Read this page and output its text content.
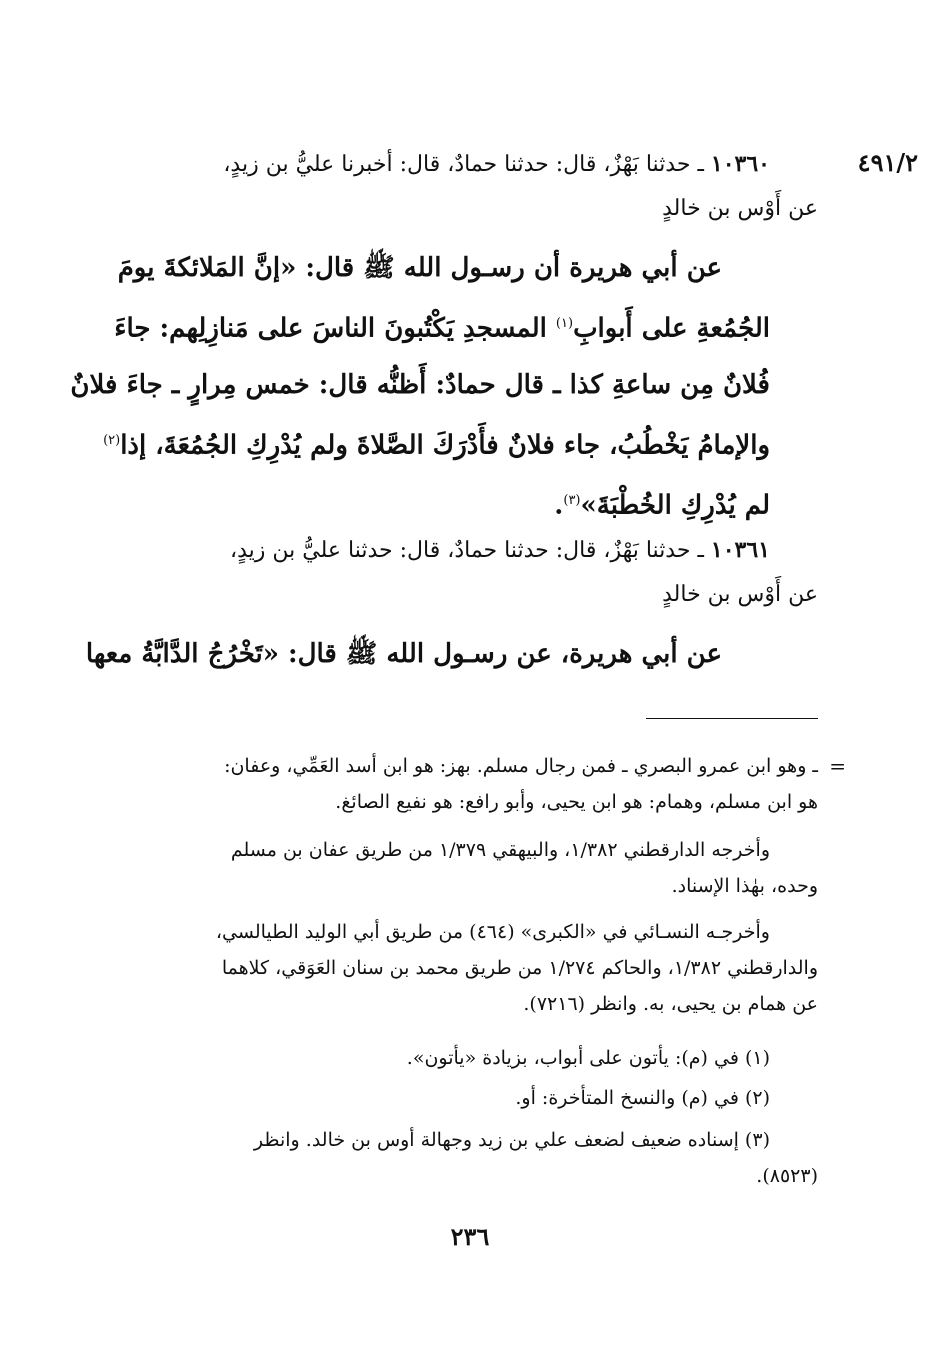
٤٩١/٢
١٠٣٦٠ ـ حدثنا بَهْزٌ، قال: حدثنا حمادٌ، قال: أخبرنا عليُّ بن زيدٍ،
عن أَوْس بن خالدٍ
عن أبي هريرة أن رسـول الله ﷺ قال: «إنَّ المَلائكةَ يومَ
الجُمُعةِ على أَبوابِ$^{(١)}$ المسجدِ يَكْتُبونَ الناسَ على مَنازِلِهم: جاءَ
فُلانٌ مِن ساعةِ كذا ـ قال حمادٌ: أَظنُّه قال: خمس مِرارٍ ـ جاءَ فلانٌ
والإمامُ يَخْطُبُ، جاء فلانٌ فأَدْرَكَ الصَّلاةَ ولم يُدْرِكِ الجُمُعَةَ، إذا$^{(٢)}$
لم يُدْرِكِ الخُطْبَةَ»$^{(٣)}$.
١٠٣٦١ ـ حدثنا بَهْزٌ، قال: حدثنا حمادٌ، قال: حدثنا عليُّ بن زيدٍ،
عن أَوْس بن خالدٍ
عن أبي هريرة، عن رسـول الله ﷺ قال: «تَخْرُجُ الدَّابَّةُ معها
=
ـ وهو ابن عمرو البصري ـ فمن رجال مسلم. بهز: هو ابن أسد العَمِّي، وعفان:
هو ابن مسلم، وهمام: هو ابن يحيى، وأبو رافع: هو نفيع الصائغ.
وأخرجه الدارقطني ١/٣٨٢، والبيهقي ١/٣٧٩ من طريق عفان بن مسلم
وحده، بهٰذا الإسناد.
وأخرجـه النسـائي في «الكبرى» (٤٦٤) من طريق أبي الوليد الطيالسي،
والدارقطني ١/٣٨٢، والحاكم ١/٢٧٤ من طريق محمد بن سنان العَوَقي، كلاهما
عن همام بن يحيى، به. وانظر (٧٢١٦).
(١) في (م): يأتون على أبواب، بزيادة «يأتون».
(٢) في (م) والنسخ المتأخرة: أو.
(٣) إسناده ضعيف لضعف علي بن زيد وجهالة أوس بن خالد. وانظر
(٨٥٢٣).
٢٣٦
